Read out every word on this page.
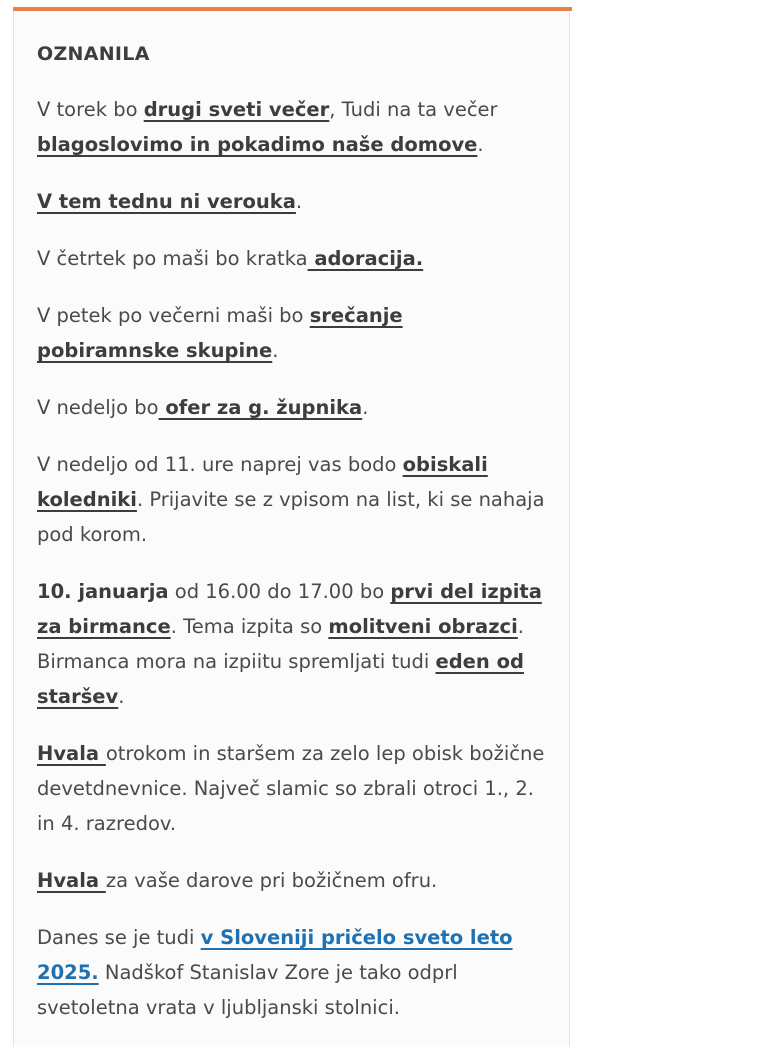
OZNANILA

V torek bo drugi sveti večer, Tudi na ta večer blagoslovimo in pokadimo naše domove.

V tem tednu ni verouka.

V četrtek po maši bo kratka adoracija.

V petek po večerni maši bo srečanje pobiramnske skupine.

V nedeljo bo ofer za g. župnika.

V nedeljo od 11. ure naprej vas bodo obiskali koledniki. Prijavite se z vpisom na list, ki se nahaja pod korom.

10. januarja od 16.00 do 17.00 bo prvi del izpita za birmance. Tema izpita so molitveni obrazci. Birmanca mora na izpiitu spremljati tudi eden od staršev.

Hvala otrokom in staršem za zelo lep obisk božične devetdnevnice. Največ slamic so zbrali otroci 1., 2. in 4. razredov.

Hvala za vaše darove pri božičnem ofru.

Danes se je tudi v Sloveniji pričelo sveto leto 2025. Nadškof Stanislav Zore je tako odprl svetoletna vrata v ljubljanski stolnici.
